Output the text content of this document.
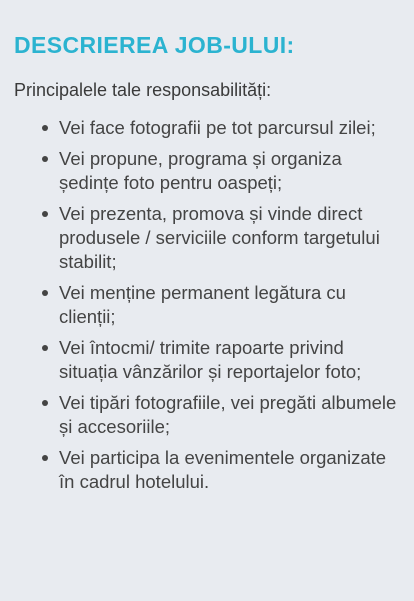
DESCRIEREA JOB-ULUI:

Principalele tale responsabilități:

Vei face fotografii pe tot parcursul zilei;
Vei propune, programa și organiza ședințe foto pentru oaspeți;
Vei prezenta, promova și vinde direct produsele / serviciile conform targetului stabilit;
Vei menține permanent legătura cu clienții;
Vei întocmi/ trimite rapoarte privind situația vânzărilor și reportajelor foto;
Vei tipări fotografiile, vei pregăti albumele și accesoriile;
Vei participa la evenimentele organizate în cadrul hotelului.
